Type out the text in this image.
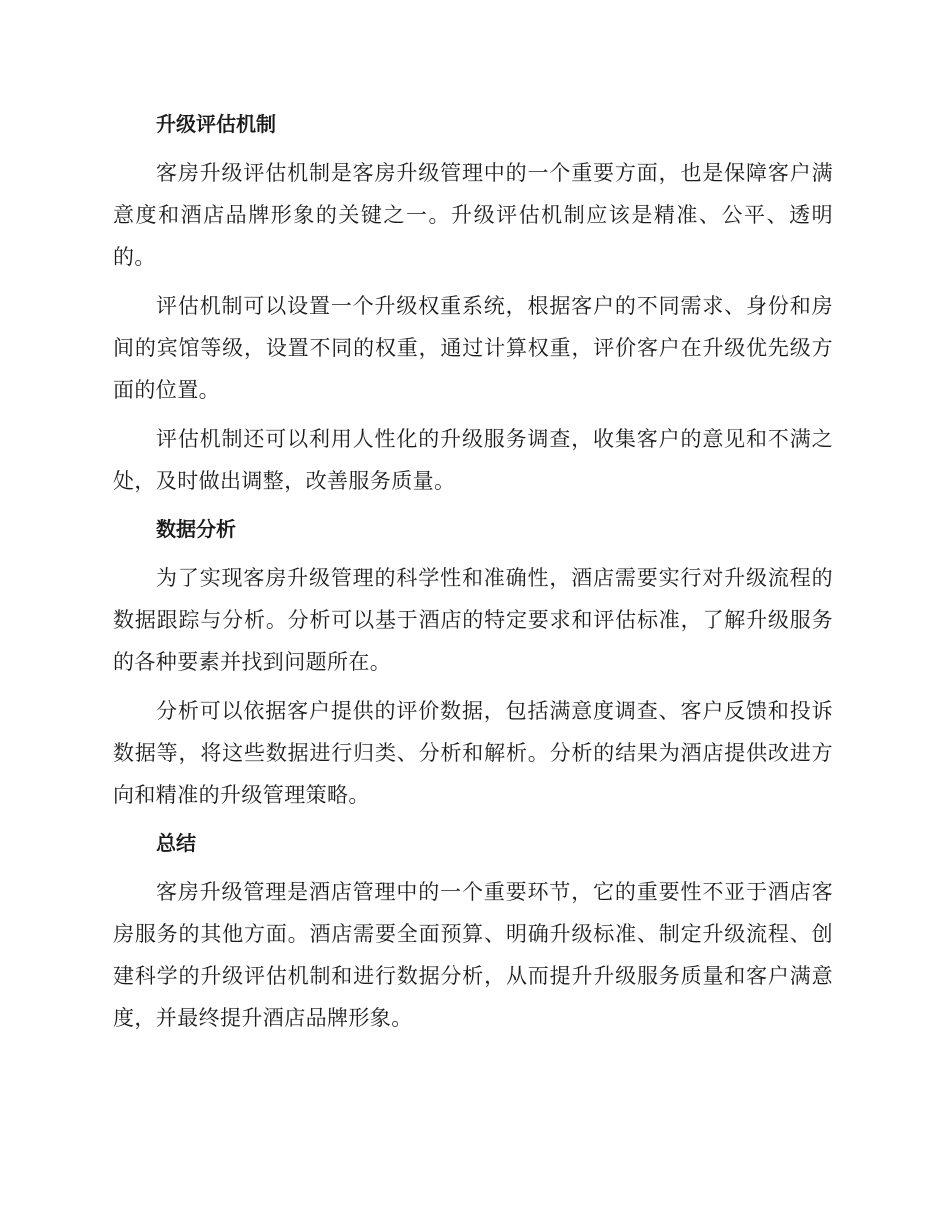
升级评估机制

客房升级评估机制是客房升级管理中的一个重要方面，也是保障客户满意度和酒店品牌形象的关键之一。升级评估机制应该是精准、公平、透明的。

评估机制可以设置一个升级权重系统，根据客户的不同需求、身份和房间的宾馆等级，设置不同的权重，通过计算权重，评价客户在升级优先级方面的位置。

评估机制还可以利用人性化的升级服务调查，收集客户的意见和不满之处，及时做出调整，改善服务质量。

数据分析

为了实现客房升级管理的科学性和准确性，酒店需要实行对升级流程的数据跟踪与分析。分析可以基于酒店的特定要求和评估标准，了解升级服务的各种要素并找到问题所在。

分析可以依据客户提供的评价数据，包括满意度调查、客户反馈和投诉数据等，将这些数据进行归类、分析和解析。分析的结果为酒店提供改进方向和精准的升级管理策略。

总结

客房升级管理是酒店管理中的一个重要环节，它的重要性不亚于酒店客房服务的其他方面。酒店需要全面预算、明确升级标准、制定升级流程、创建科学的升级评估机制和进行数据分析，从而提升升级服务质量和客户满意度，并最终提升酒店品牌形象。
